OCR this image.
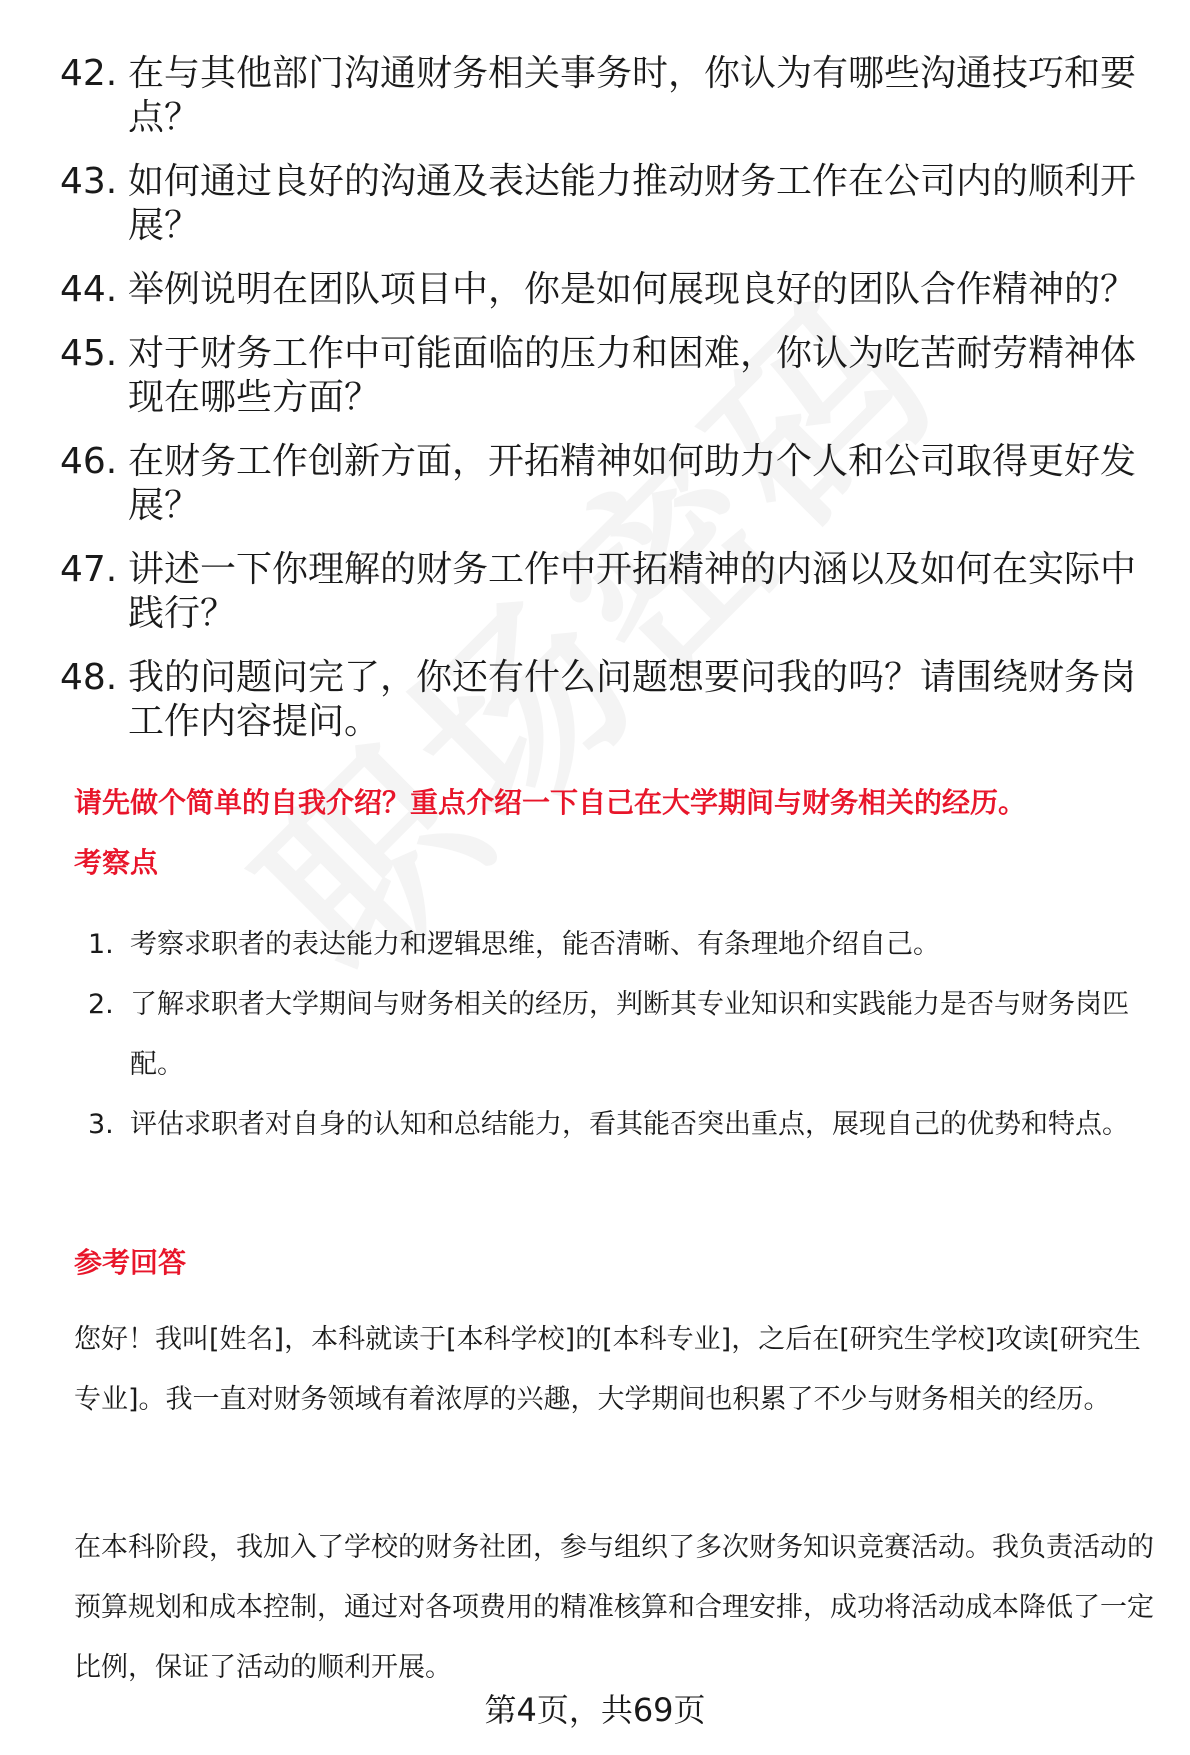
42. 在与其他部门沟通财务相关事务时，你认为有哪些沟通技巧和要点？
43. 如何通过良好的沟通及表达能力推动财务工作在公司内的顺利开展？
44. 举例说明在团队项目中，你是如何展现良好的团队合作精神的？
45. 对于财务工作中可能面临的压力和困难，你认为吃苦耐劳精神体现在哪些方面？
46. 在财务工作创新方面，开拓精神如何助力个人和公司取得更好发展？
47. 讲述一下你理解的财务工作中开拓精神的内涵以及如何在实际中践行？
48. 我的问题问完了，你还有什么问题想要问我的吗？请围绕财务岗工作内容提问。
请先做个简单的自我介绍？重点介绍一下自己在大学期间与财务相关的经历。
考察点
1. 考察求职者的表达能力和逻辑思维，能否清晰、有条理地介绍自己。
2. 了解求职者大学期间与财务相关的经历，判断其专业知识和实践能力是否与财务岗匹配。
3. 评估求职者对自身的认知和总结能力，看其能否突出重点，展现自己的优势和特点。
参考回答

您好！我叫[姓名]，本科就读于[本科学校]的[本科专业]，之后在[研究生学校]攻读[研究生专业]。我一直对财务领域有着浓厚的兴趣，大学期间也积累了不少与财务相关的经历。

在本科阶段，我加入了学校的财务社团，参与组织了多次财务知识竞赛活动。我负责活动的预算规划和成本控制，通过对各项费用的精准核算和合理安排，成功将活动成本降低了一定比例，保证了活动的顺利开展。

第4页，共69页
